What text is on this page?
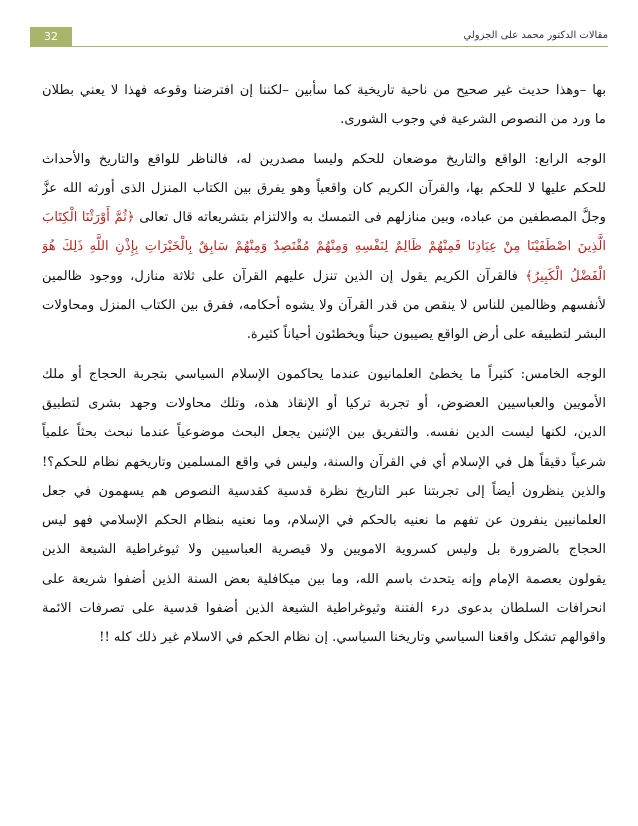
32	مقالات الدكتور محمد على الجزولي
بها –وهذا حديث غير صحيح من ناحية تاريخية كما سأبين –لكننا إن افترضنا وقوعه فهذا لا يعني بطلان
ما ورد من النصوص الشرعية في وجوب الشورى.
الوجه الرابع: الواقع والتاريخ موضعان للحكم وليسا مصدرين له، فالناظر للواقع والتاريخ والأحداث
للحكم عليها لا للحكم بها، والقرآن الكريم كان واقعياً وهو يفرق بين الكتاب المنزل الذى أورثه الله عزَّ
وجلَّ المصطفين من عباده، وبين منازلهم فى التمسك به والالتزام بتشريعاته قال تعالى ﴿ثُمَّ أَوْرَثْنَا الْكِتَابَ
الَّذِينَ اصْطَفَيْنَا مِنْ عِبَادِنَا فَمِنْهُمْ ظَالِمٌ لِنَفْسِهِ وَمِنْهُمْ مُقْتَصِدٌ وَمِنْهُمْ سَابِقٌ بِالْخَيْرَاتِ بِإِذْنِ اللَّهِ ذَلِكَ هُوَ
الْفَضْلُ الْكَبِيرُ﴾ فالقرآن الكريم يقول إن الذين تنزل عليهم القرآن على ثلاثة منازل، ووجود ظالمين
لأنفسهم وظالمين للناس لا ينقص من قدر القرآن ولا يشوه أحكامه، ففرق بين الكتاب المنزل ومحاولات
البشر لتطبيقه على أرض الواقع يصيبون حيناً ويخطئون أحياناً كثيرة.
الوجه الخامس: كثيراً ما يخطئ العلمانيون عندما يحاكمون الإسلام السياسي بتجربة الحجاج أو ملك
الأمويين والعباسيين العضوض، أو تجربة تركيا أو الإنقاذ هذه، وتلك محاولات وجهد بشرى لتطبيق
الدين، لكنها ليست الدين نفسه. والتفريق بين الإثنين يجعل البحث موضوعياً عندما نبحث بحثاً علمياً
شرعياً دقيقاً هل في الإسلام أي في القرآن والسنة، وليس في واقع المسلمين وتاريخهم نظام للحكم؟!
والذين ينظرون أيضاً إلى تجربتنا عبر التاريخ نظرة قدسية كقدسية النصوص هم يسهمون في جعل
العلمانيين ينفرون عن تفهم ما نعنيه بالحكم في الإسلام، وما نعنيه بنظام الحكم الإسلامي فهو ليس
الحجاج بالضرورة بل وليس كسروية الامويين ولا قيصرية العباسيين ولا ثيوغراطية الشيعة الذين
يقولون بعصمة الإمام وإنه يتحدث باسم الله، وما بين ميكافلية بعض السنة الذين أضفوا شريعة على
انحرافات السلطان بدعوى درء الفتنة وثيوغراطية الشيعة الذين أضفوا قدسية على تصرفات الائمة
واقوالهم تشكل واقعنا السياسي وتاريخنا السياسي. إن نظام الحكم في الاسلام غير ذلك كله !!
